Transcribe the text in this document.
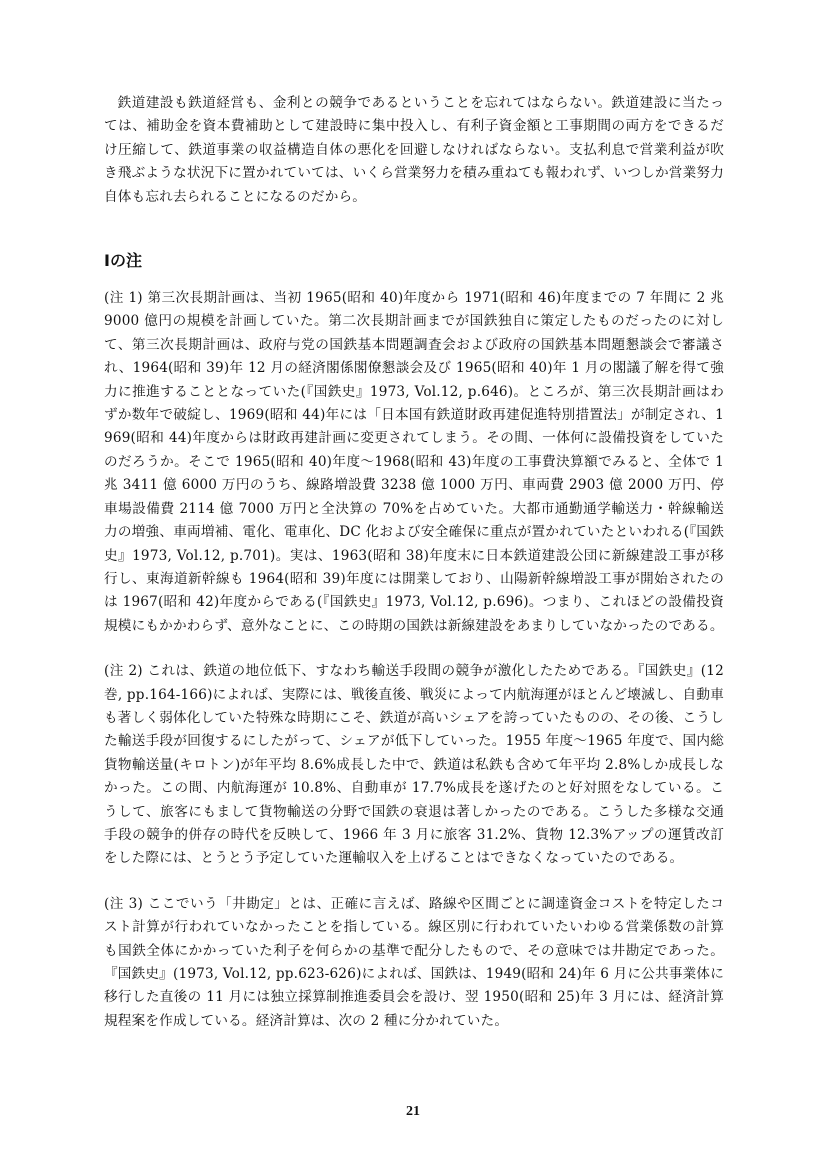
鉄道建設も鉄道経営も、金利との競争であるということを忘れてはならない。鉄道建設に当たっては、補助金を資本費補助として建設時に集中投入し、有利子資金額と工事期間の両方をできるだけ圧縮して、鉄道事業の収益構造自体の悪化を回避しなければならない。支払利息で営業利益が吹き飛ぶような状況下に置かれていては、いくら営業努力を積み重ねても報われず、いつしか営業努力自体も忘れ去られることになるのだから。

Ⅰの注

(注 1) 第三次長期計画は、当初 1965(昭和 40)年度から 1971(昭和 46)年度までの 7 年間に 2 兆 9000 億円の規模を計画していた。第二次長期計画までが国鉄独自に策定したものだったのに対して、第三次長期計画は、政府与党の国鉄基本問題調査会および政府の国鉄基本問題懇談会で審議され、1964(昭和 39)年 12 月の経済閣係閣僚懇談会及び 1965(昭和 40)年 1 月の閣議了解を得て強力に推進することとなっていた(『国鉄史』1973, Vol.12, p.646)。ところが、第三次長期計画はわずか数年で破綻し、1969(昭和 44)年には「日本国有鉄道財政再建促進特別措置法」が制定され、1969(昭和 44)年度からは財政再建計画に変更されてしまう。その間、一体何に設備投資をしていたのだろうか。そこで 1965(昭和 40)年度～1968(昭和 43)年度の工事費決算額でみると、全体で 1 兆 3411 億 6000 万円のうち、線路増設費 3238 億 1000 万円、車両費 2903 億 2000 万円、停車場設備費 2114 億 7000 万円と全決算の 70%を占めていた。大都市通勤通学輸送力・幹線輸送力の増強、車両増補、電化、電車化、DC 化および安全確保に重点が置かれていたといわれる(『国鉄史』1973, Vol.12, p.701)。実は、1963(昭和 38)年度末に日本鉄道建設公団に新線建設工事が移行し、東海道新幹線も 1964(昭和 39)年度には開業しており、山陽新幹線増設工事が開始されたのは 1967(昭和 42)年度からである(『国鉄史』1973, Vol.12, p.696)。つまり、これほどの設備投資規模にもかかわらず、意外なことに、この時期の国鉄は新線建設をあまりしていなかったのである。

(注 2) これは、鉄道の地位低下、すなわち輸送手段間の競争が激化したためである。『国鉄史』(12 巻, pp.164-166)によれば、実際には、戦後直後、戦災によって内航海運がほとんど壊滅し、自動車も著しく弱体化していた特殊な時期にこそ、鉄道が高いシェアを誇っていたものの、その後、こうした輸送手段が回復するにしたがって、シェアが低下していった。1955 年度～1965 年度で、国内総貨物輸送量(キロトン)が年平均 8.6%成長した中で、鉄道は私鉄も含めて年平均 2.8%しか成長しなかった。この間、内航海運が 10.8%、自動車が 17.7%成長を遂げたのと好対照をなしている。こうして、旅客にもまして貨物輸送の分野で国鉄の衰退は著しかったのである。こうした多様な交通手段の競争的併存の時代を反映して、1966 年 3 月に旅客 31.2%、貨物 12.3%アップの運賃改訂をした際には、とうとう予定していた運輸収入を上げることはできなくなっていたのである。

(注 3) ここでいう「井勘定」とは、正確に言えば、路線や区間ごとに調達資金コストを特定したコスト計算が行われていなかったことを指している。線区別に行われていたいわゆる営業係数の計算も国鉄全体にかかっていた利子を何らかの基準で配分したもので、その意味では井勘定であった。『国鉄史』(1973, Vol.12, pp.623-626)によれば、国鉄は、1949(昭和 24)年 6 月に公共事業体に移行した直後の 11 月には独立採算制推進委員会を設け、翌 1950(昭和 25)年 3 月には、経済計算規程案を作成している。経済計算は、次の 2 種に分かれていた。

21
